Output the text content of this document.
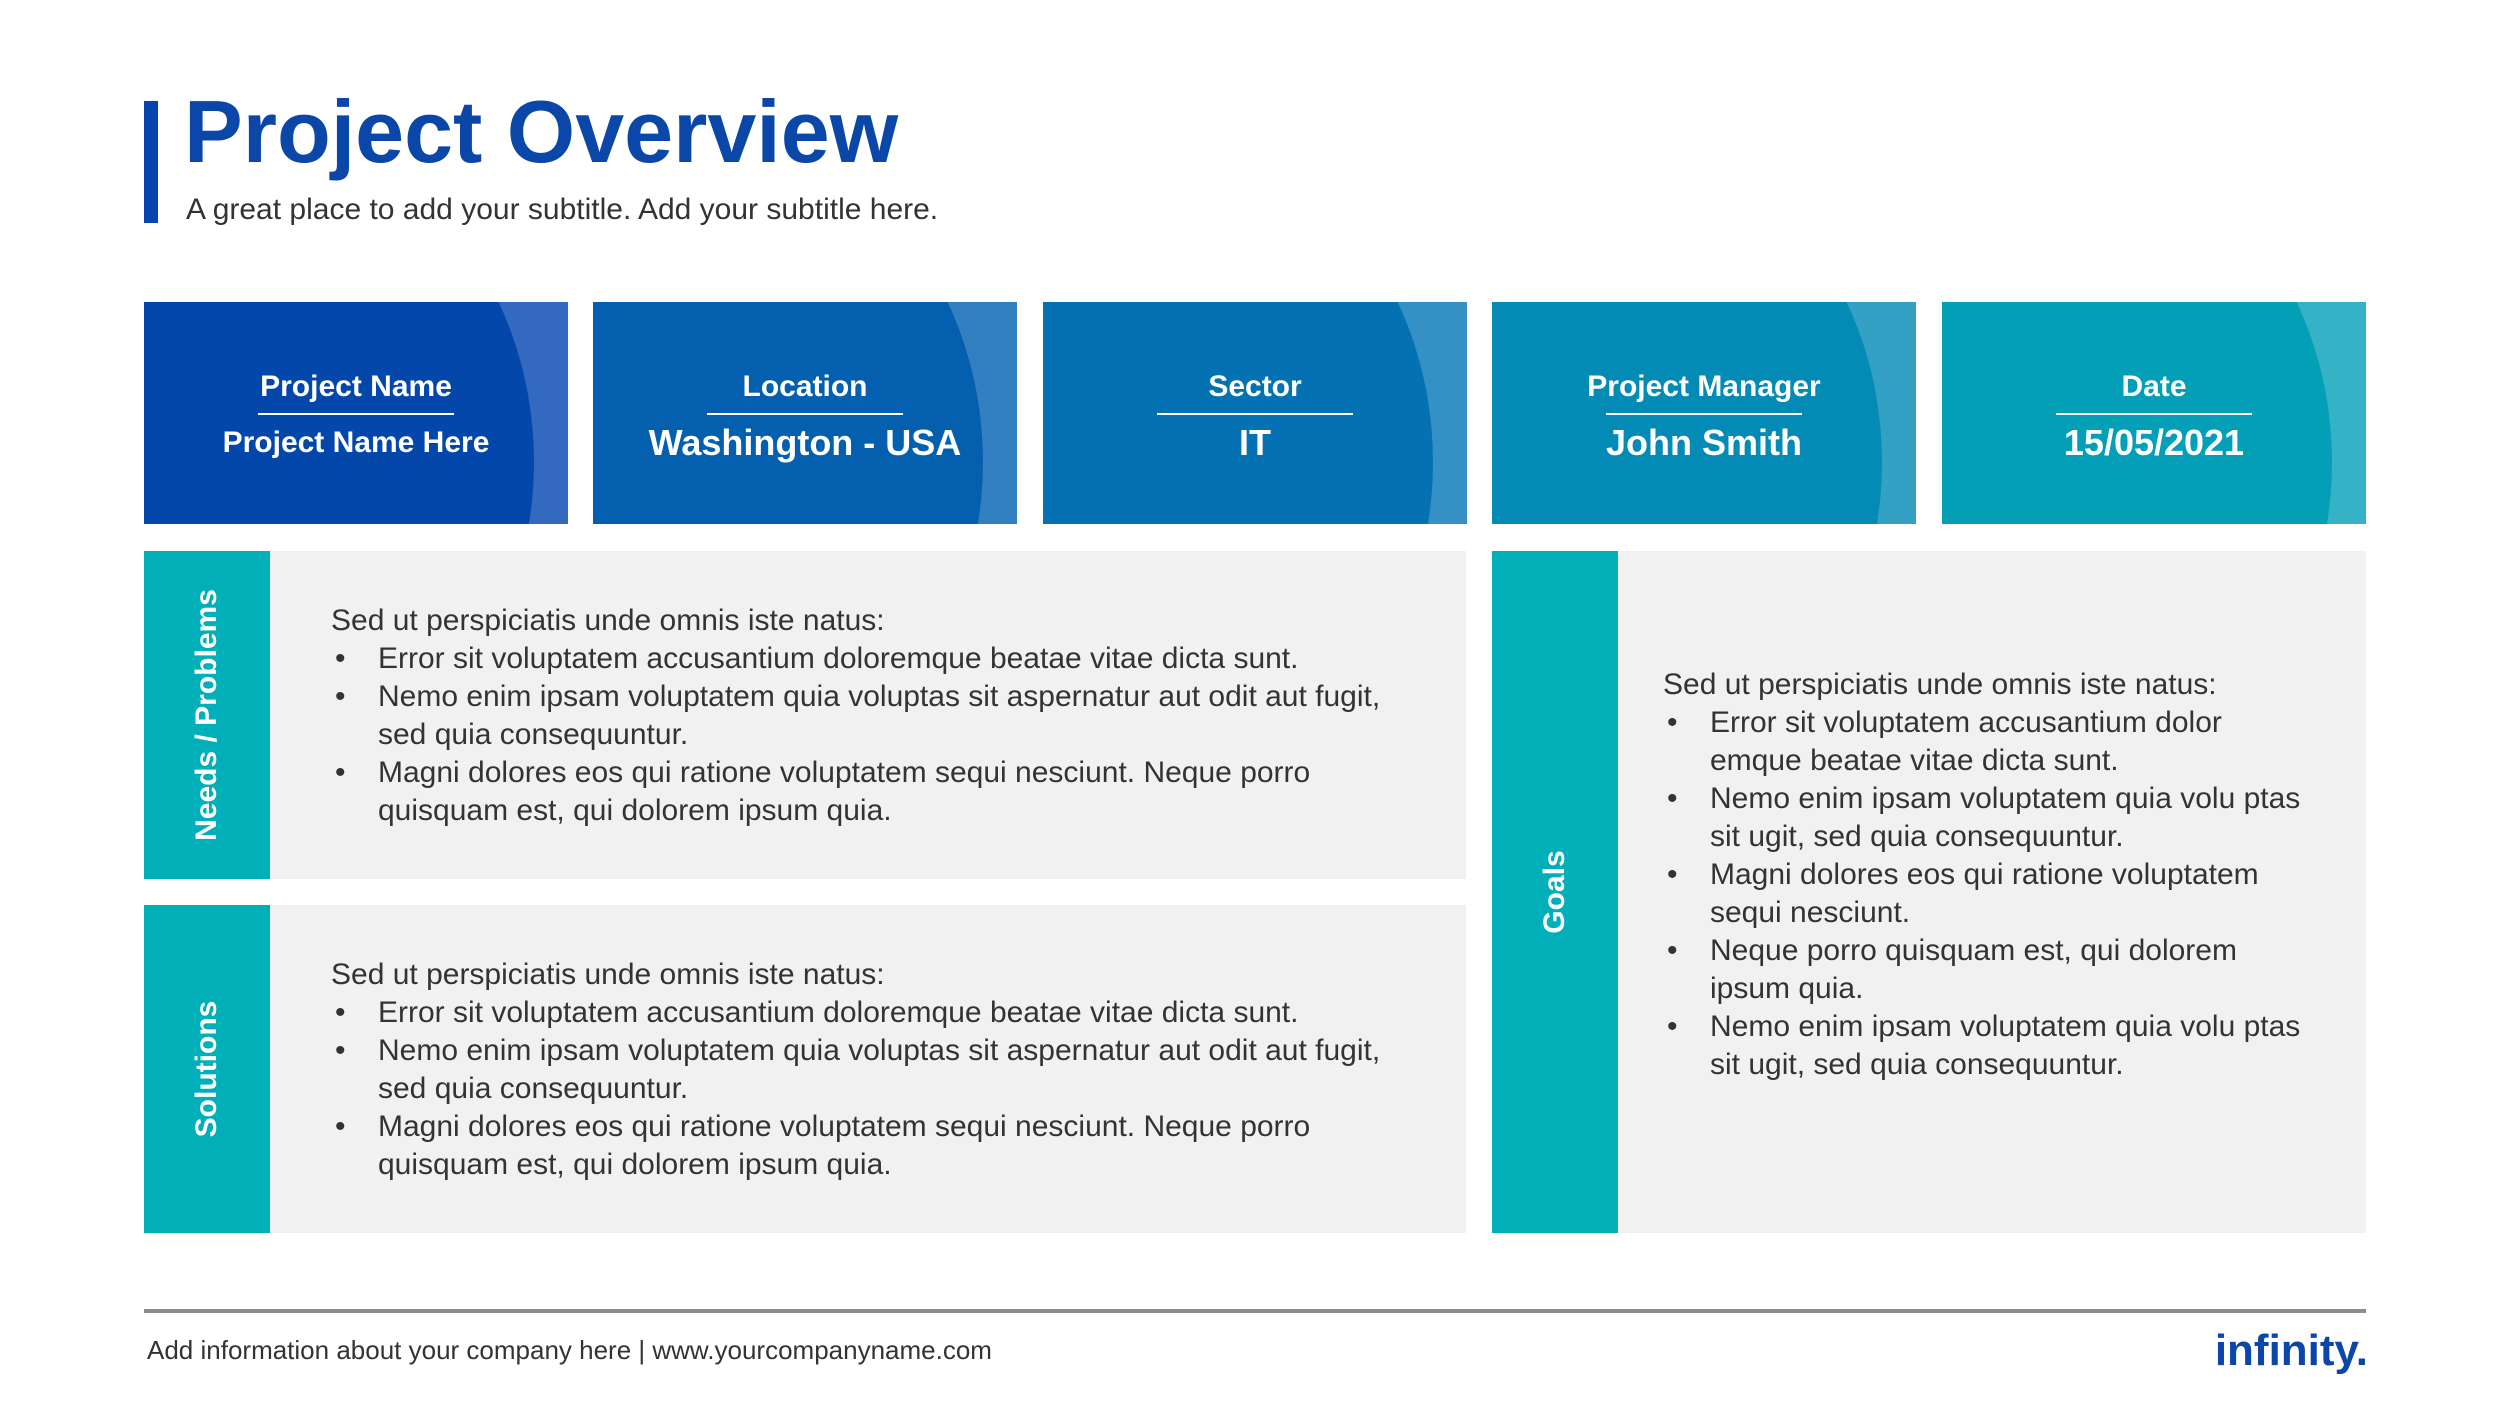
Project Overview
A great place to add your subtitle. Add your subtitle here.
Project Name
Project Name Here
Location
Washington - USA
Sector
IT
Project Manager
John Smith
Date
15/05/2021
Needs / Problems	Sed ut perspiciatis unde omnis iste natus:
• Error sit voluptatem accusantium doloremque beatae vitae dicta sunt.
• Nemo enim ipsam voluptatem quia voluptas sit aspernatur aut odit aut fugit, sed quia consequuntur.
• Magni dolores eos qui ratione voluptatem sequi nesciunt. Neque porro quisquam est, qui dolorem ipsum quia.
Solutions
Sed ut perspiciatis unde omnis iste natus:
• Error sit voluptatem accusantium doloremque beatae vitae dicta sunt.
• Nemo enim ipsam voluptatem quia voluptas sit aspernatur aut odit aut fugit, sed quia consequuntur.
• Magni dolores eos qui ratione voluptatem sequi nesciunt. Neque porro quisquam est, qui dolorem ipsum quia.
Goals
Sed ut perspiciatis unde omnis iste natus:
• Error sit voluptatem accusantium dolor emque beatae vitae dicta sunt.
• Nemo enim ipsam voluptatem quia volu ptas sit ugit, sed quia consequuntur.
• Magni dolores eos qui ratione voluptatem sequi nesciunt.
• Neque porro quisquam est, qui dolorem ipsum quia.
• Nemo enim ipsam voluptatem quia volu ptas sit ugit, sed quia consequuntur.
Add information about your company here | www.yourcompanyname.com	infinity.
